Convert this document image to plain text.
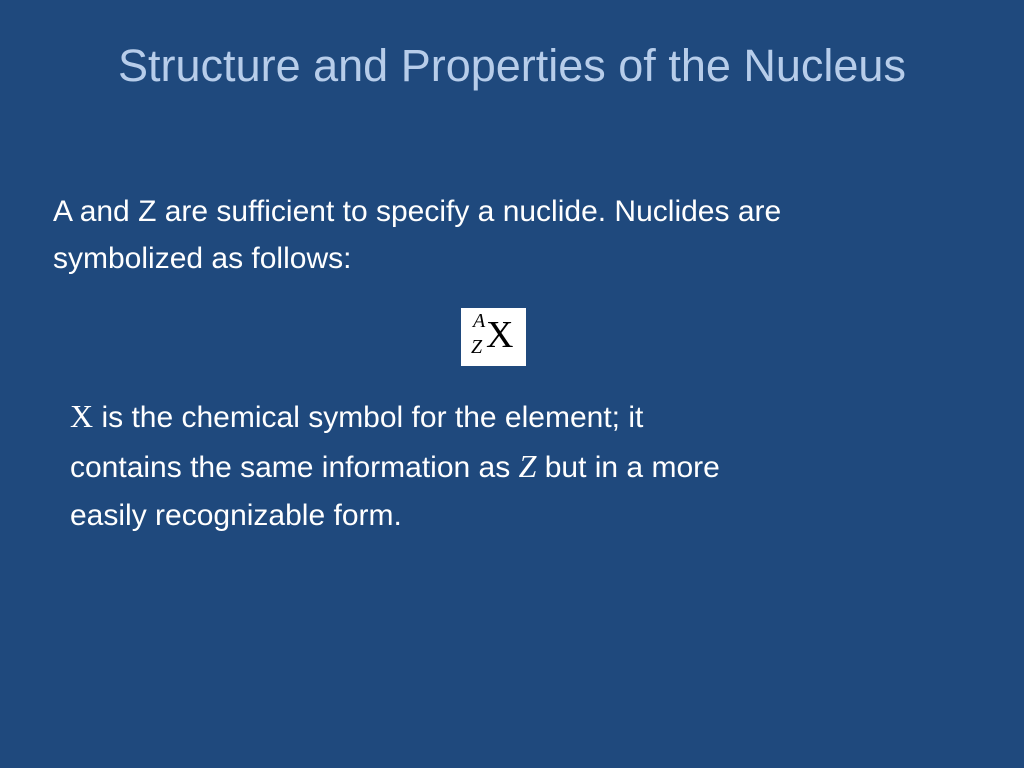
Structure and Properties of the Nucleus
A and Z are sufficient to specify a nuclide. Nuclides are
symbolized as follows:
A
Z X
X is the chemical symbol for the element; it
contains the same information as Z but in a more
easily recognizable form.
